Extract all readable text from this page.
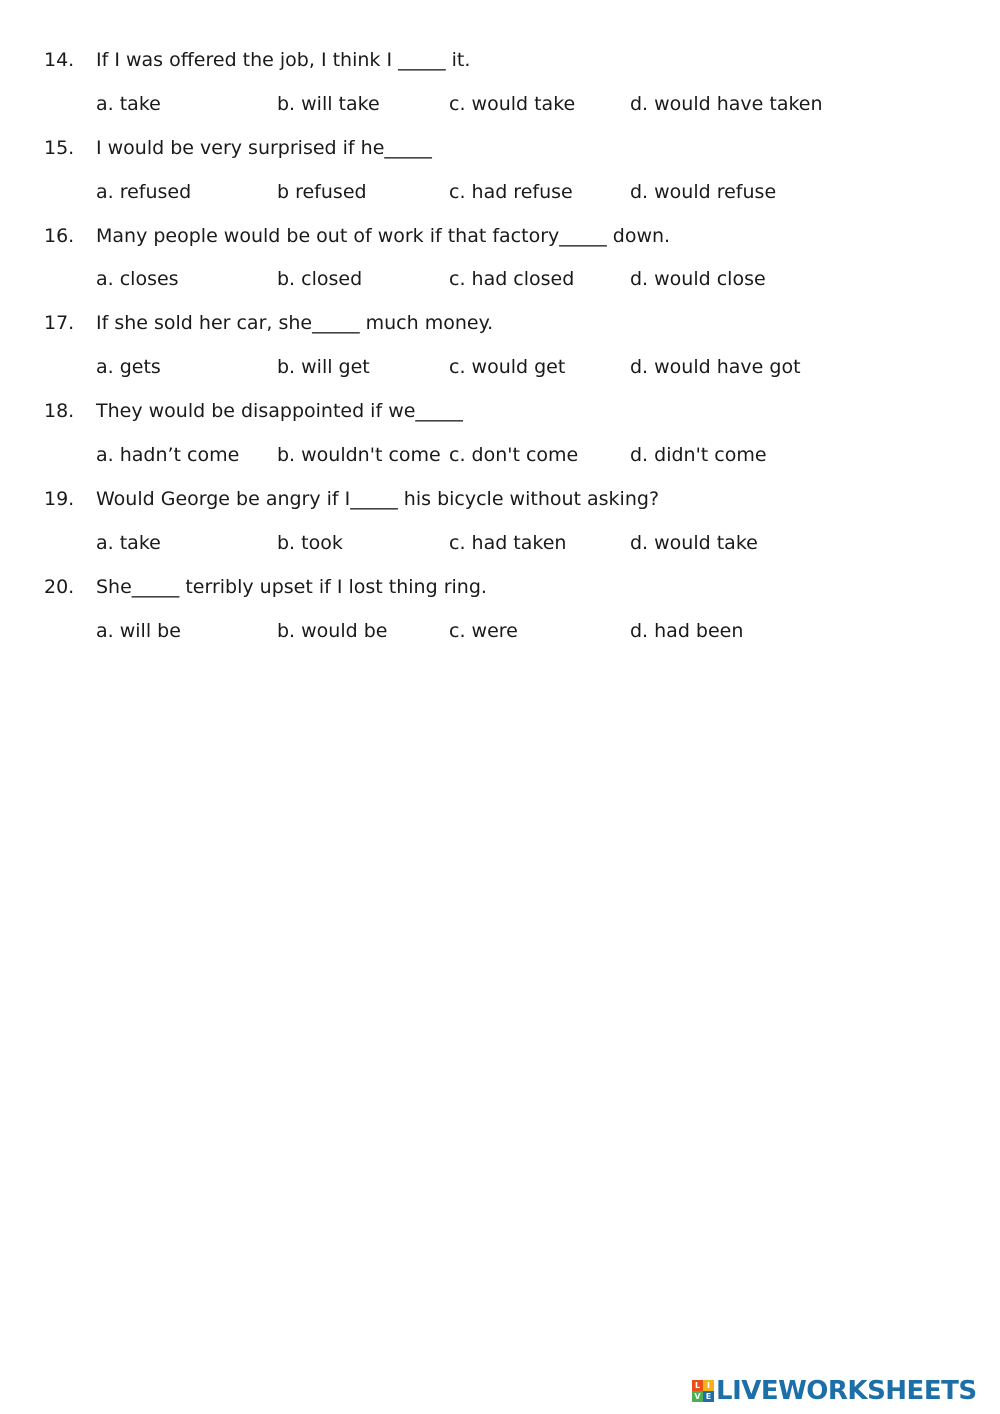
14.	If I was offered the job, I think I _____ it.
a. take	b. will take	c. would take	d. would have taken
15.	I would be very surprised if he_____
a. refused	b refused	c. had refuse	d. would refuse
16.	Many people would be out of work if that factory_____ down.
a. closes	b. closed	c. had closed	d. would close
17.	If she sold her car, she_____ much money.
a. gets	b. will get	c. would get	d. would have got
18.	They would be disappointed if we_____
a. hadn’t come	b. wouldn't come c. don't come	d. didn't come
19.	Would George be angry if I_____ his bicycle without asking?
a. take	b. took	c. had taken	d. would take
20.	She_____ terribly upset if I lost thing ring.
a. will be	b. would be	c. were	d. had been
L I
V E LIVEWORKSHEETS
